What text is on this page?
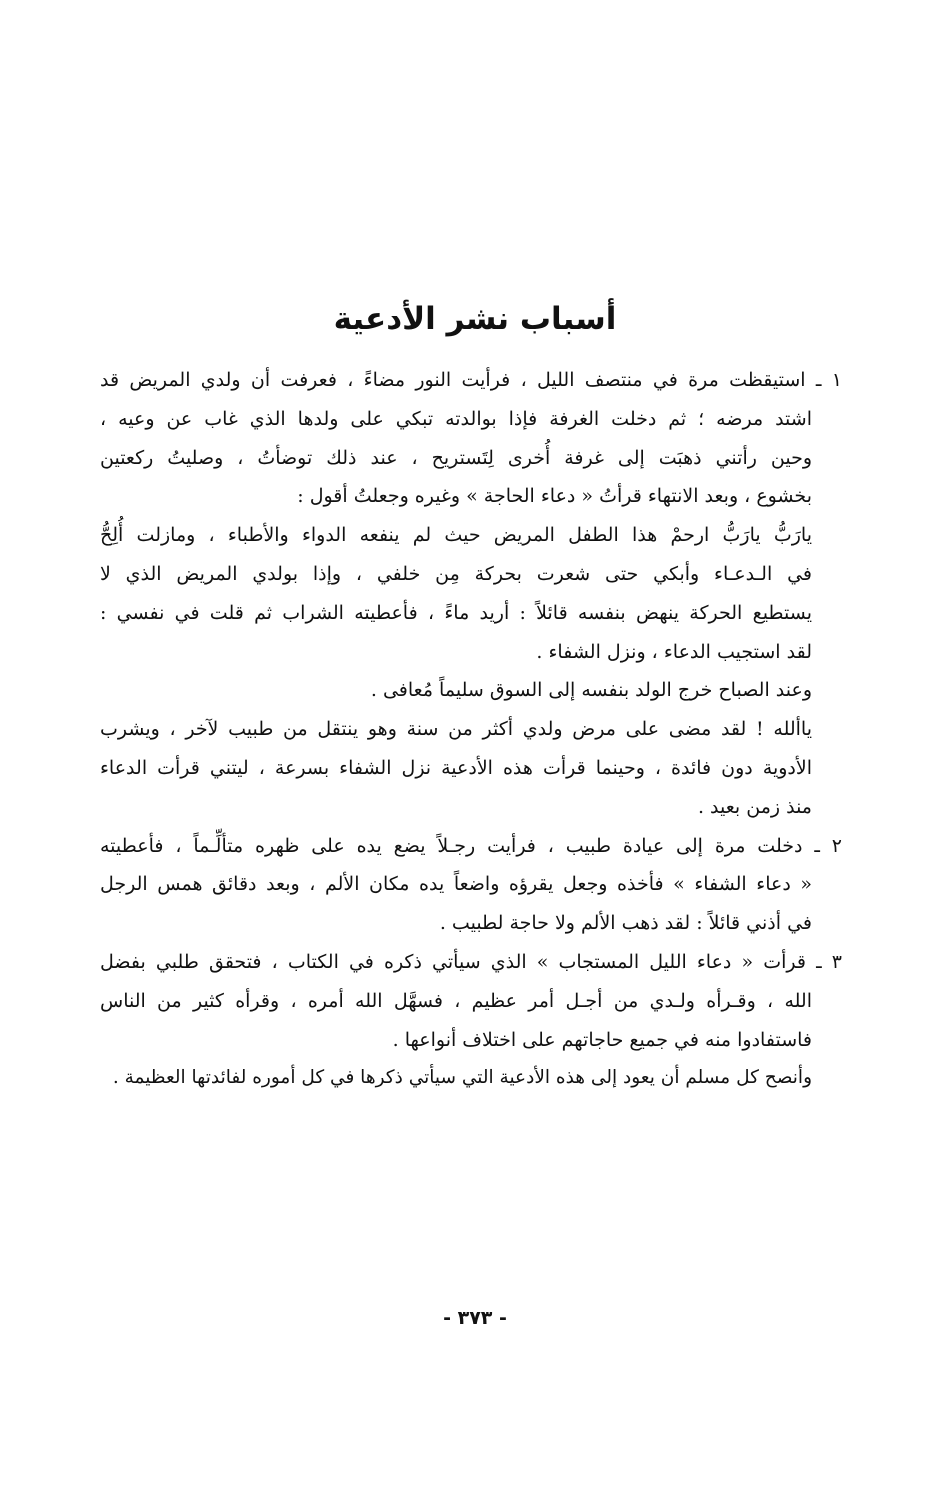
أسباب نشر الأدعية
١ ـ استيقظت مرة في منتصف الليل ، فرأيت النور مضاءً ، فعرفت أن ولدي المريض قد
اشتد مرضه ؛ ثم دخلت الغرفة فإذا بوالدته تبكي على ولدها الذي غاب عن وعيه ،
وحين رأتني ذهبَت إلى غرفة أُخرى لِتَستريح ، عند ذلك توضأتُ ، وصليتُ ركعتين
بخشوع ، وبعد الانتهاء قرأتُ « دعاء الحاجة » وغيره وجعلتُ أقول :
يارَبُّ يارَبُّ ارحمْ هذا الطفل المريض حيث لم ينفعه الدواء والأطباء ، ومازلت أُلِحُّ
في الـدعـاء وأبكي حتى شعرت بحركة مِن خلفي ، وإذا بولدي المريض الذي لا
يستطيع الحركة ينهض بنفسه قائلاً : أريد ماءً ، فأعطيته الشراب ثم قلت في نفسي :
لقد استجيب الدعاء ، ونزل الشفاء .
وعند الصباح خرج الولد بنفسه إلى السوق سليماً مُعافى .
ياألله ! لقد مضى على مرض ولدي أكثر من سنة وهو ينتقل من طبيب لآخر ، ويشرب
الأدوية دون فائدة ، وحينما قرأت هذه الأدعية نزل الشفاء بسرعة ، ليتني قرأت الدعاء
منذ زمن بعيد .
٢ ـ دخلت مرة إلى عيادة طبيب ، فرأيت رجـلاً يضع يده على ظهره متألِّـماً ، فأعطيته
« دعاء الشفاء » فأخذه وجعل يقرؤه واضعاً يده مكان الألم ، وبعد دقائق همس الرجل
في أذني قائلاً : لقد ذهب الألم ولا حاجة لطبيب .
٣ ـ قرأت « دعاء الليل المستجاب » الذي سيأتي ذكره في الكتاب ، فتحقق طلبي بفضل
الله ، وقـرأه ولـدي من أجـل أمر عظيم ، فسهَّل الله أمره ، وقرأه كثير من الناس
فاستفادوا منه في جميع حاجاتهم على اختلاف أنواعها .
وأنصح كل مسلم أن يعود إلى هذه الأدعية التي سيأتي ذكرها في كل أموره لفائدتها العظيمة .
- ٣٧٣ -
